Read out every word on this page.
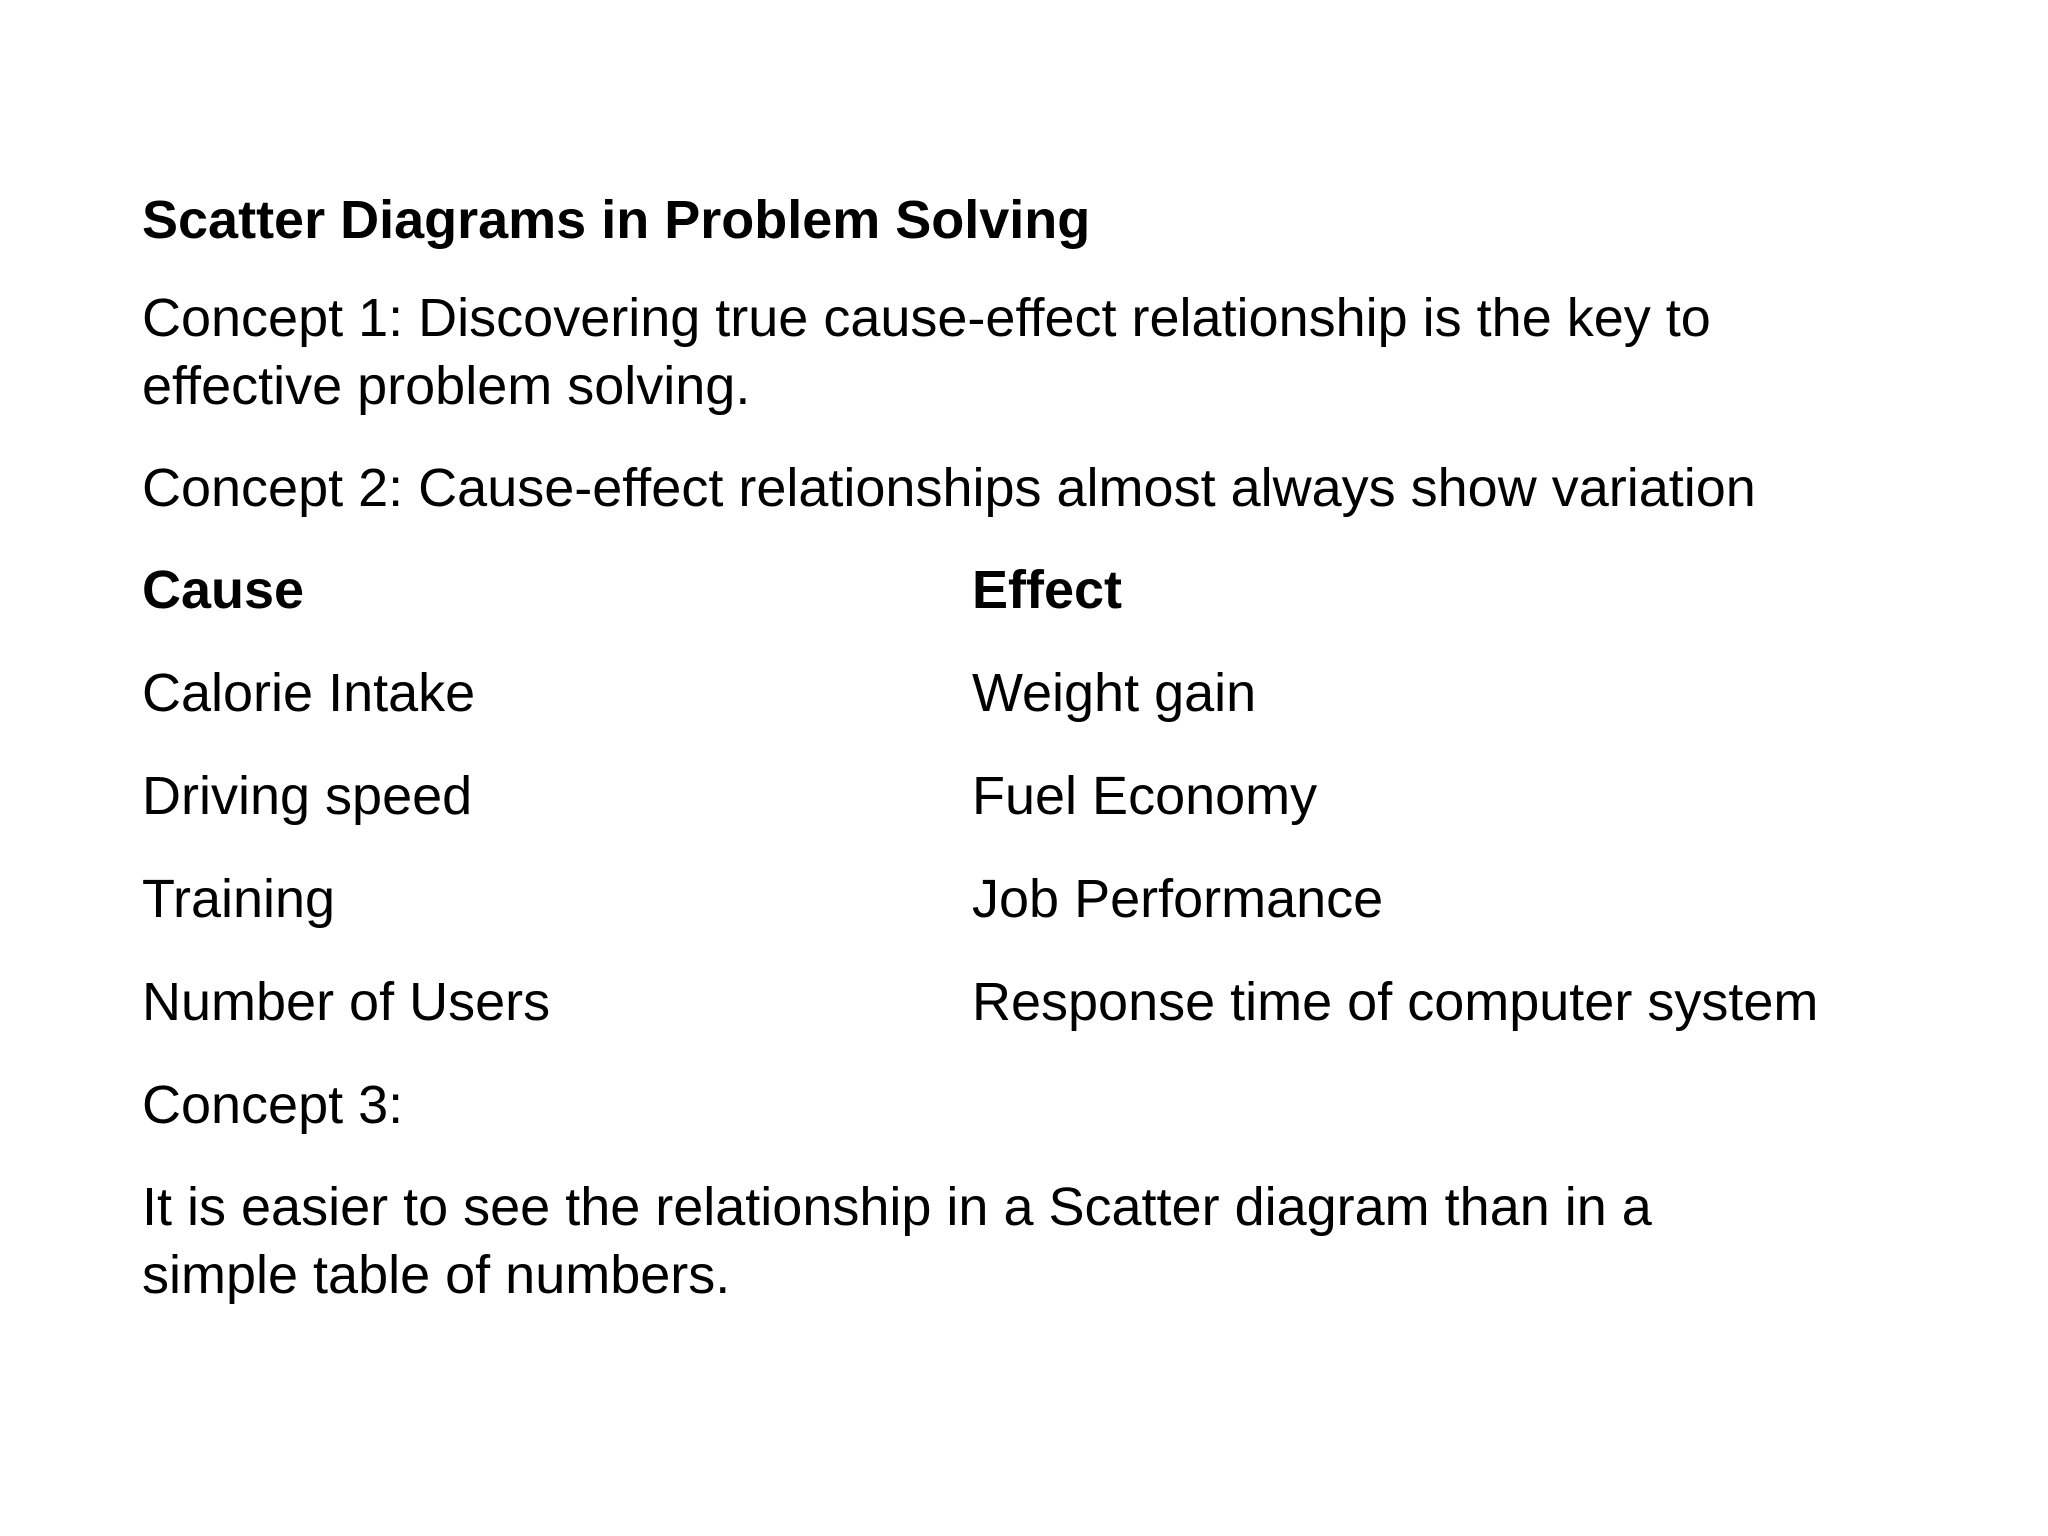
Scatter Diagrams in Problem Solving
Concept 1: Discovering true cause-effect relationship is the key to effective problem solving.
Concept 2: Cause-effect relationships almost always show variation
Cause	Effect
Calorie Intake	Weight gain
Driving speed	Fuel Economy
Training	Job Performance
Number of Users	Response time of computer system
Concept 3:
It is easier to see the relationship in a Scatter diagram than in a simple table of numbers.
